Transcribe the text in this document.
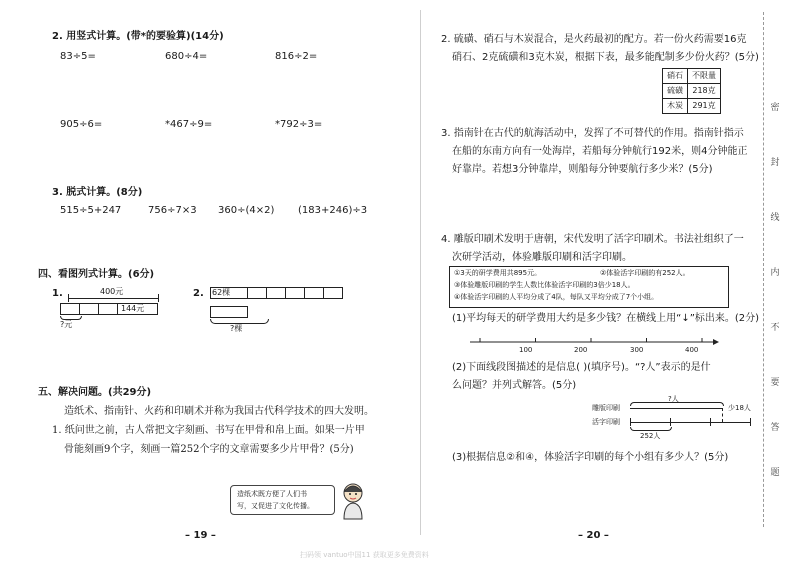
2. 用竖式计算。(带*的要验算)(14分)
83÷5=	680÷4=	816÷2=
905÷6=	*467÷9=	*792÷3=
3. 脱式计算。(8分)
515÷5+247	756÷7×3 360÷(4×2) (183+246)÷3
四、看图列式计算。(6分)
1.	400元
144元
?元
2. 62棵
?棵
五、解决问题。(共29分)
造纸术、指南针、火药和印刷术并称为我国古代科学技术的四大发明。
1. 纸问世之前，古人常把文字刻画、书写在甲骨和帛上面。如果一片甲
骨能刻画9个字，刻画一篇252个字的文章需要多少片甲骨？(5分)
造纸术既方便了人们书
写，又促进了文化传播。
– 19 –
2. 硫磺、硝石与木炭混合，是火药最初的配方。若一份火药需要16克
硝石、2克硫磺和3克木炭，根据下表，最多能配制多少份火药？(5分)
硝石	不限量
硫磺	218克
木炭	291克
3. 指南针在古代的航海活动中，发挥了不可替代的作用。指南针指示
在船的东南方向有一处海岸，若船每分钟航行192米，则4分钟能正
好靠岸。若想3分钟靠岸，则船每分钟要航行多少米？(5分)
4. 雕版印刷术发明于唐朝，宋代发明了活字印刷术。书法社组织了一
次研学活动，体验雕版印刷和活字印刷。
①3天的研学费用共895元。	②体验活字印刷的有252人。
③体验雕版印刷的学生人数比体验活字印刷的3倍少18人。
④体验活字印刷的人平均分成了4队，每队又平均分成了7个小组。
(1)平均每天的研学费用大约是多少钱？在横线上用“↓”标出来。(2分)
100	200	300	400
(2)下面线段图描述的是信息( )(填序号)。“?人”表示的是什
么问题？并列式解答。(5分)
雕版印刷
活字印刷
?人
少18人
252人
(3)根据信息②和④，体验活字印刷的每个小组有多少人？(5分)
– 20 –
密
封
线
内
不
要
答
题
扫码领 vantuo中国11 获取更多免费资料
